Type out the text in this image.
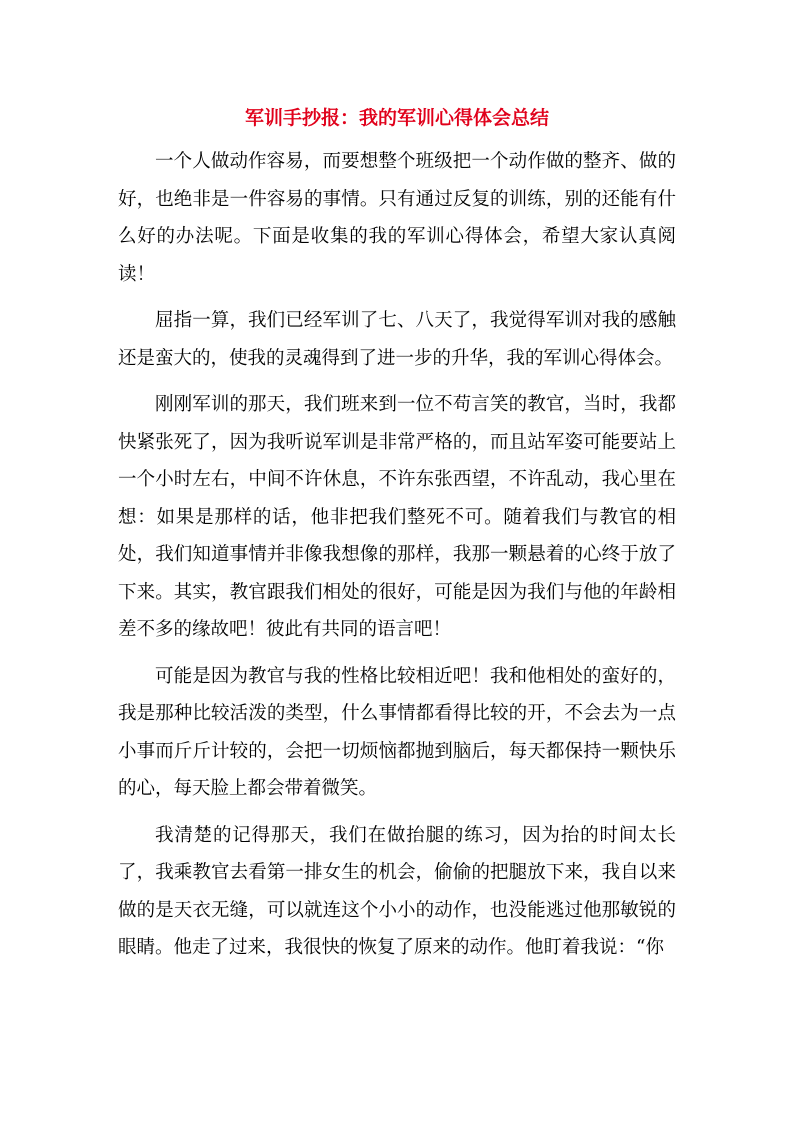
军训手抄报：我的军训心得体会总结

一个人做动作容易，而要想整个班级把一个动作做的整齐、做的好，也绝非是一件容易的事情。只有通过反复的训练，别的还能有什么好的办法呢。下面是收集的我的军训心得体会，希望大家认真阅读！

屈指一算，我们已经军训了七、八天了，我觉得军训对我的感触还是蛮大的，使我的灵魂得到了进一步的升华，我的军训心得体会。

刚刚军训的那天，我们班来到一位不苟言笑的教官，当时，我都快紧张死了，因为我听说军训是非常严格的，而且站军姿可能要站上一个小时左右，中间不许休息，不许东张西望，不许乱动，我心里在想：如果是那样的话，他非把我们整死不可。随着我们与教官的相处，我们知道事情并非像我想像的那样，我那一颗悬着的心终于放了下来。其实，教官跟我们相处的很好，可能是因为我们与他的年龄相差不多的缘故吧！彼此有共同的语言吧！

可能是因为教官与我的性格比较相近吧！我和他相处的蛮好的，我是那种比较活泼的类型，什么事情都看得比较的开，不会去为一点小事而斤斤计较的，会把一切烦恼都抛到脑后，每天都保持一颗快乐的心，每天脸上都会带着微笑。

我清楚的记得那天，我们在做抬腿的练习，因为抬的时间太长了，我乘教官去看第一排女生的机会，偷偷的把腿放下来，我自以来做的是天衣无缝，可以就连这个小小的动作，也没能逃过他那敏锐的眼睛。他走了过来，我很快的恢复了原来的动作。他盯着我说：“你
